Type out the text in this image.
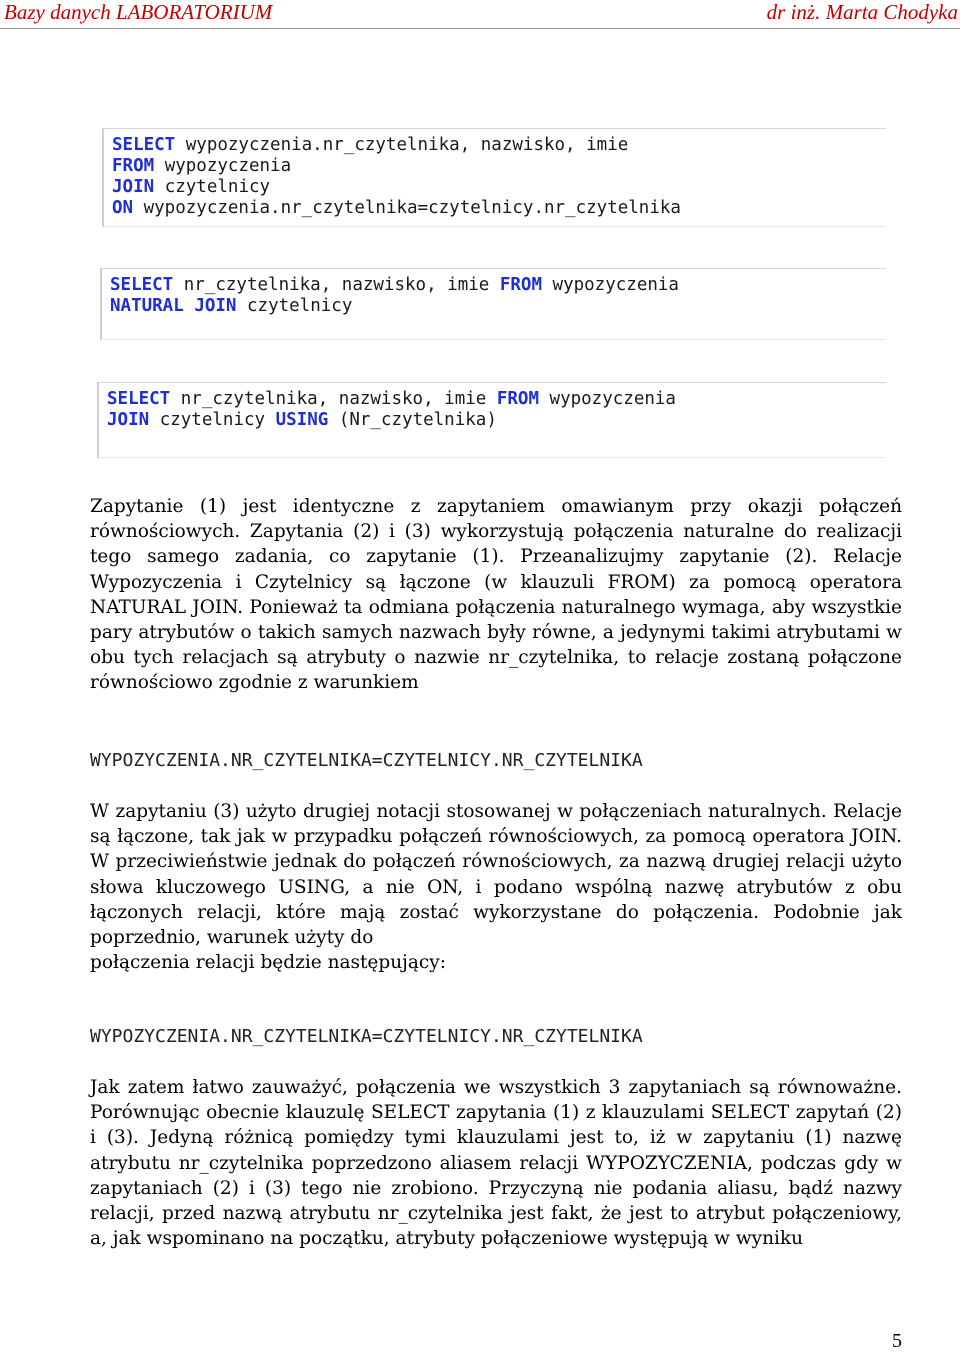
Bazy danych LABORATORIUM	dr inż. Marta Chodyka
SELECT wypozyczenia.nr_czytelnika, nazwisko, imie
FROM wypozyczenia
JOIN czytelnicy
ON wypozyczenia.nr_czytelnika=czytelnicy.nr_czytelnika
SELECT nr_czytelnika, nazwisko, imie FROM wypozyczenia
NATURAL JOIN czytelnicy
SELECT nr_czytelnika, nazwisko, imie FROM wypozyczenia
JOIN czytelnicy USING (Nr_czytelnika)
Zapytanie (1) jest identyczne z zapytaniem omawianym przy okazji połączeń równościowych. Zapytania (2) i (3) wykorzystują połączenia naturalne do realizacji tego samego zadania, co zapytanie (1). Przeanalizujmy zapytanie (2). Relacje Wypozyczenia i Czytelnicy są łączone (w klauzuli FROM) za pomocą operatora NATURAL JOIN. Ponieważ ta odmiana połączenia naturalnego wymaga, aby wszystkie pary atrybutów o takich samych nazwach były równe, a jedynymi takimi atrybutami w obu tych relacjach są atrybuty o nazwie nr_czytelnika, to relacje zostaną połączone równościowo zgodnie z warunkiem
WYPOZYCZENIA.NR_CZYTELNIKA=CZYTELNICY.NR_CZYTELNIKA
W zapytaniu (3) użyto drugiej notacji stosowanej w połączeniach naturalnych. Relacje są łączone, tak jak w przypadku połączeń równościowych, za pomocą operatora JOIN. W przeciwieństwie jednak do połączeń równościowych, za nazwą drugiej relacji użyto słowa kluczowego USING, a nie ON, i podano wspólną nazwę atrybutów z obu łączonych relacji, które mają zostać wykorzystane do połączenia. Podobnie jak poprzednio, warunek użyty do
połączenia relacji będzie następujący:
WYPOZYCZENIA.NR_CZYTELNIKA=CZYTELNICY.NR_CZYTELNIKA
Jak zatem łatwo zauważyć, połączenia we wszystkich 3 zapytaniach są równoważne. Porównując obecnie klauzulę SELECT zapytania (1) z klauzulami SELECT zapytań (2) i (3). Jedyną różnicą pomiędzy tymi klauzulami jest to, iż w zapytaniu (1) nazwę atrybutu nr_czytelnika poprzedzono aliasem relacji WYPOZYCZENIA, podczas gdy w zapytaniach (2) i (3) tego nie zrobiono. Przyczyną nie podania aliasu, bądź nazwy relacji, przed nazwą atrybutu nr_czytelnika jest fakt, że jest to atrybut połączeniowy, a, jak wspominano na początku, atrybuty połączeniowe występują w wyniku
5
